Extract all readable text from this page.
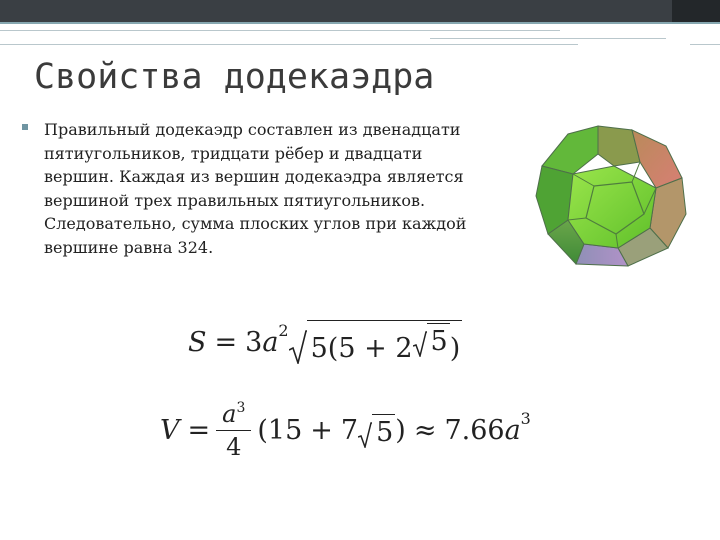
Свойства додекаэдра
Правильный додекаэдр составлен из двенадцати
пятиугольников, тридцати рёбер и двадцати
вершин. Каждая из вершин додекаэдра является
вершиной трех правильных пятиугольников.
Следовательно, сумма плоских углов при каждой
вершине равна 324.
S = 3 a 2
5(5 + 2 5 )
$V = \frac{a^3}{4}$ ( 15 + 7 5 ) ≈ 7.66 a 3
